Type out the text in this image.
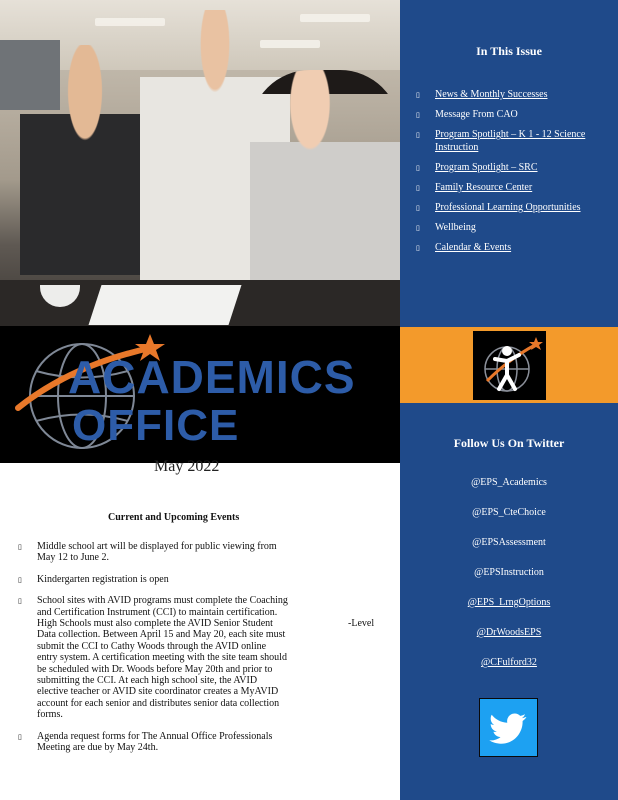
ACADEMICS
OFFICE
In This Issue
▯ News & Monthly Successes
▯ Message From CAO
▯ Program Spotlight – K 1 - 12 Science Instruction
▯ Program Spotlight – SRC
▯ Family Resource Center
▯ Professional Learning Opportunities
▯ Wellbeing
▯ Calendar & Events
Follow Us On Twitter
@EPS_Academics
@EPS_CteChoice
@EPSAssessment
@EPSInstruction
@EPS_LrngOptions
@DrWoodsEPS
@CFulford32
May 2022
Current and Upcoming Events
▯ Middle school art will be displayed for public viewing from May 12 to June 2.
▯ Kindergarten registration is open
▯ School sites with AVID programs must complete the Coaching and Certification Instrument (CCI) to maintain certification. High Schools must also complete the AVID Senior Student Data collection. Between April 15 and May 20, each site must submit the CCI to Cathy Woods through the AVID online entry system. A certification meeting with the site team should be scheduled with Dr. Woods before May 20th and prior to submitting the CCI. At each high school site, the AVID elective teacher or AVID site coordinator creates a MyAVID account for each senior and distributes senior data collection forms.
▯ Agenda request forms for The Annual Office Professionals Meeting are due by May 24th.
-Level
